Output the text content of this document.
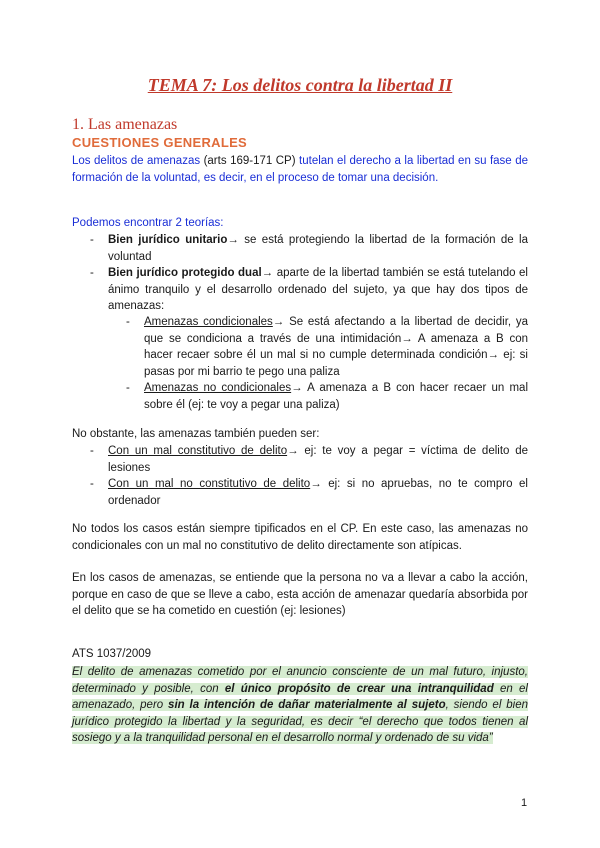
TEMA 7: Los delitos contra la libertad II
1. Las amenazas
CUESTIONES GENERALES

Los delitos de amenazas (arts 169-171 CP) tutelan el derecho a la libertad en su fase de formación de la voluntad, es decir, en el proceso de tomar una decisión.

Podemos encontrar 2 teorías:

- Bien jurídico unitario→ se está protegiendo la libertad de la formación de la voluntad
- Bien jurídico protegido dual→ aparte de la libertad también se está tutelando el ánimo tranquilo y el desarrollo ordenado del sujeto, ya que hay dos tipos de amenazas:
- Amenazas condicionales→ Se está afectando a la libertad de decidir, ya que se condiciona a través de una intimidación→ A amenaza a B con hacer recaer sobre él un mal si no cumple determinada condición→ ej: si pasas por mi barrio te pego una paliza
- Amenazas no condicionales→ A amenaza a B con hacer recaer un mal sobre él (ej: te voy a pegar una paliza)

No obstante, las amenazas también pueden ser:

- Con un mal constitutivo de delito→ ej: te voy a pegar = víctima de delito de lesiones
- Con un mal no constitutivo de delito→ ej: si no apruebas, no te compro el ordenador

No todos los casos están siempre tipificados en el CP. En este caso, las amenazas no condicionales con un mal no constitutivo de delito directamente son atípicas.

En los casos de amenazas, se entiende que la persona no va a llevar a cabo la acción, porque en caso de que se lleve a cabo, esta acción de amenazar quedaría absorbida por el delito que se ha cometido en cuestión (ej: lesiones)

ATS 1037/2009

El delito de amenazas cometido por el anuncio consciente de un mal futuro, injusto, determinado y posible, con el único propósito de crear una intranquilidad en el amenazado, pero sin la intención de dañar materialmente al sujeto, siendo el bien jurídico protegido la libertad y la seguridad, es decir “el derecho que todos tienen al sosiego y a la tranquilidad personal en el desarrollo normal y ordenado de su vida”

1
